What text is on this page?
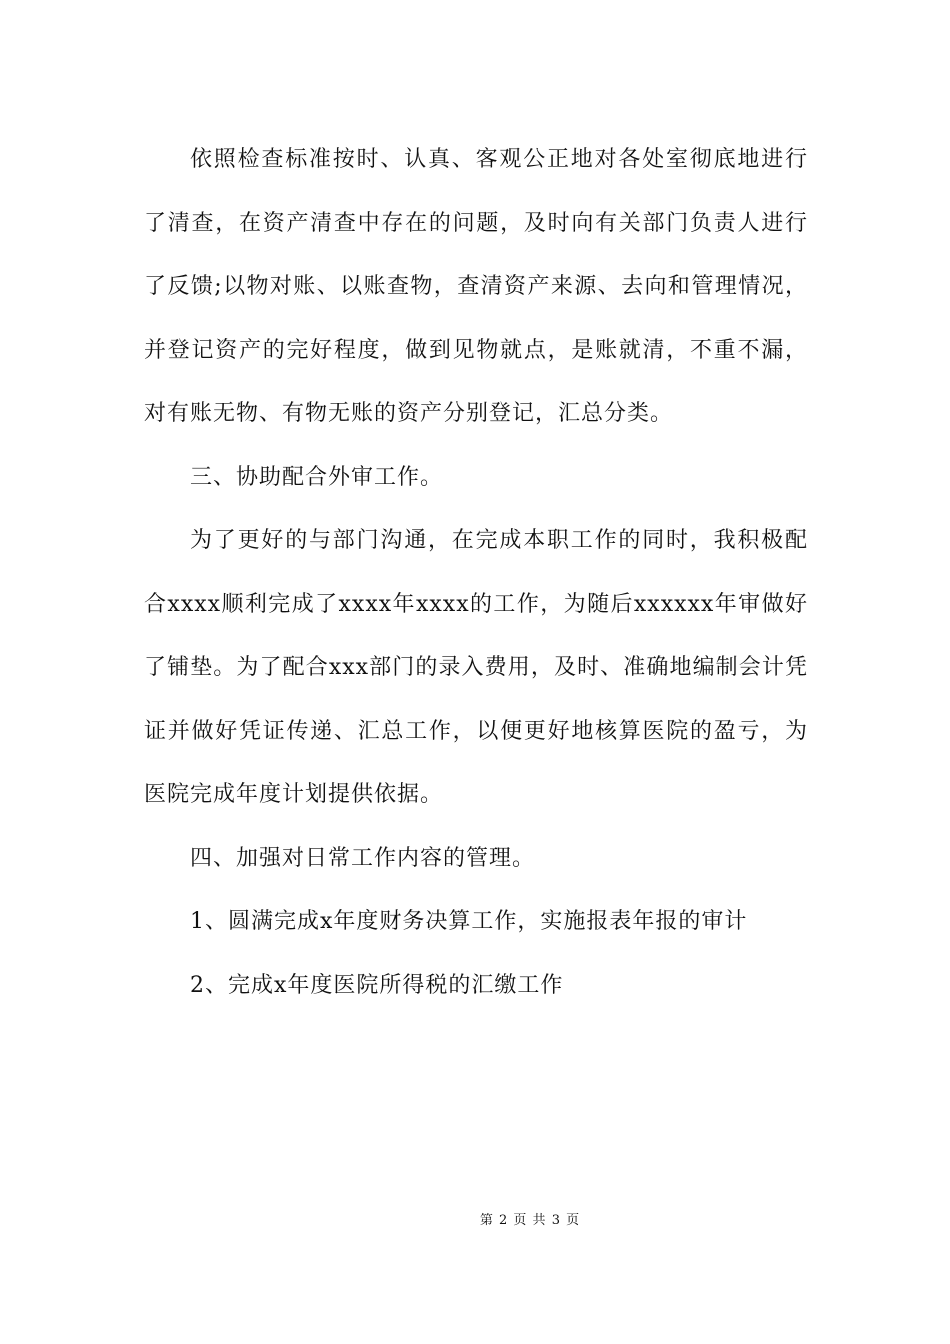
依照检查标准按时、认真、客观公正地对各处室彻底地进行了清查，在资产清查中存在的问题，及时向有关部门负责人进行了反馈;以物对账、以账查物，查清资产来源、去向和管理情况，并登记资产的完好程度，做到见物就点，是账就清，不重不漏，对有账无物、有物无账的资产分别登记，汇总分类。

三、协助配合外审工作。

为了更好的与部门沟通，在完成本职工作的同时，我积极配合xxxx顺利完成了xxxx年xxxx的工作，为随后xxxxxx年审做好了铺垫。为了配合xxx部门的录入费用，及时、准确地编制会计凭证并做好凭证传递、汇总工作，以便更好地核算医院的盈亏，为医院完成年度计划提供依据。

四、加强对日常工作内容的管理。

1、圆满完成x年度财务决算工作，实施报表年报的审计

2、完成x年度医院所得税的汇缴工作

第 2 页 共 3 页
